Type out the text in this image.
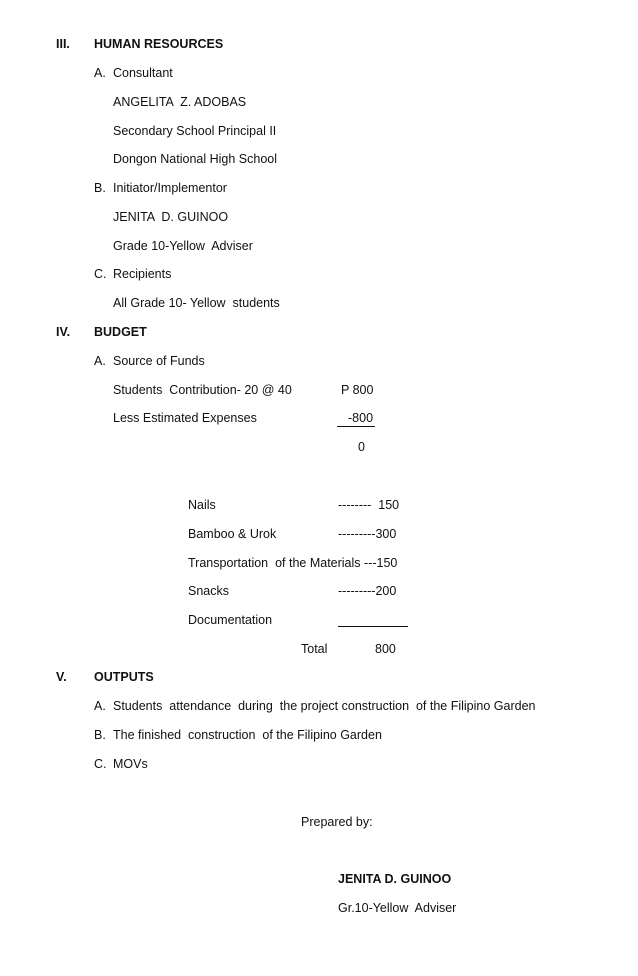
III. HUMAN RESOURCES
A. Consultant
ANGELITA  Z. ADOBAS
Secondary School Principal II
Dongon National High School
B. Initiator/Implementor
JENITA  D. GUINOO
Grade 10-Yellow  Adviser
C. Recipients
All Grade 10- Yellow  students
IV. BUDGET
A. Source of Funds
Students  Contribution- 20 @ 40	P 800
Less Estimated Expenses	-800
0
Nails	--------  150
Bamboo & Urok	---------300
Transportation  of the Materials ---150
Snacks	---------200
Documentation
Total	800
V. OUTPUTS
A. Students  attendance  during  the project construction  of the Filipino Garden
B. The finished  construction  of the Filipino Garden
C. MOVs
Prepared by:
JENITA D. GUINOO
Gr.10-Yellow  Adviser
